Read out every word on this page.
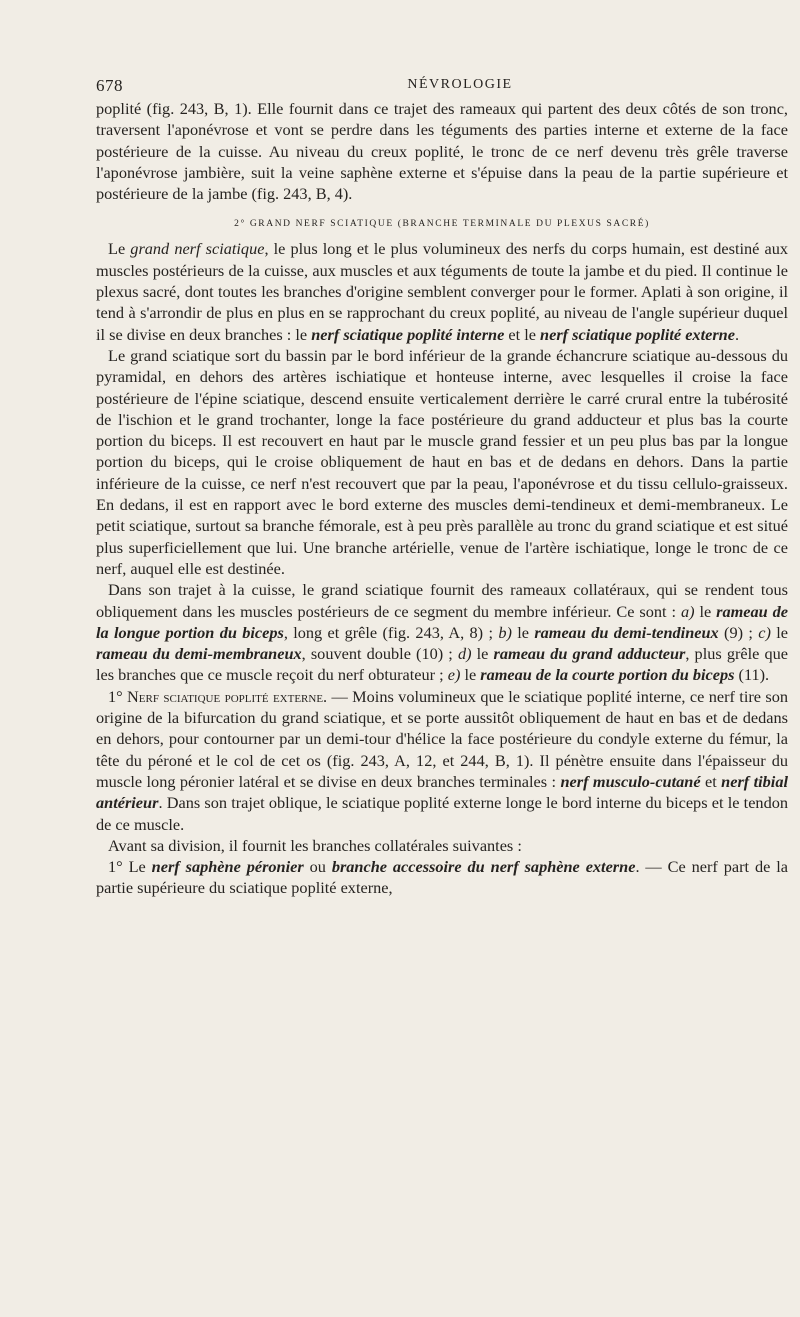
678	NÉVROLOGIE

poplité (fig. 243, B, 1). Elle fournit dans ce trajet des rameaux qui partent des deux côtés de son tronc, traversent l'aponévrose et vont se perdre dans les téguments des parties interne et externe de la face postérieure de la cuisse. Au niveau du creux poplité, le tronc de ce nerf devenu très grêle traverse l'aponévrose jambière, suit la veine saphène externe et s'épuise dans la peau de la partie supérieure et postérieure de la jambe (fig. 243, B, 4).

2° GRAND NERF SCIATIQUE (BRANCHE TERMINALE DU PLEXUS SACRÉ)

Le grand nerf sciatique, le plus long et le plus volumineux des nerfs du corps humain, est destiné aux muscles postérieurs de la cuisse, aux muscles et aux téguments de toute la jambe et du pied. Il continue le plexus sacré, dont toutes les branches d'origine semblent converger pour le former. Aplati à son origine, il tend à s'arrondir de plus en plus en se rapprochant du creux poplité, au niveau de l'angle supérieur duquel il se divise en deux branches : le nerf sciatique poplité interne et le nerf sciatique poplité externe.

Le grand sciatique sort du bassin par le bord inférieur de la grande échancrure sciatique au-dessous du pyramidal, en dehors des artères ischiatique et honteuse interne, avec lesquelles il croise la face postérieure de l'épine sciatique, descend ensuite verticalement derrière le carré crural entre la tubérosité de l'ischion et le grand trochanter, longe la face postérieure du grand adducteur et plus bas la courte portion du biceps. Il est recouvert en haut par le muscle grand fessier et un peu plus bas par la longue portion du biceps, qui le croise obliquement de haut en bas et de dedans en dehors. Dans la partie inférieure de la cuisse, ce nerf n'est recouvert que par la peau, l'aponévrose et du tissu cellulo-graisseux. En dedans, il est en rapport avec le bord externe des muscles demi-tendineux et demi-membraneux. Le petit sciatique, surtout sa branche fémorale, est à peu près parallèle au tronc du grand sciatique et est situé plus superficiellement que lui. Une branche artérielle, venue de l'artère ischiatique, longe le tronc de ce nerf, auquel elle est destinée.

Dans son trajet à la cuisse, le grand sciatique fournit des rameaux collatéraux, qui se rendent tous obliquement dans les muscles postérieurs de ce segment du membre inférieur. Ce sont : a) le rameau de la longue portion du biceps, long et grêle (fig. 243, A, 8) ; b) le rameau du demi-tendineux (9) ; c) le rameau du demi-membraneux, souvent double (10) ; d) le rameau du grand adducteur, plus grêle que les branches que ce muscle reçoit du nerf obturateur ; e) le rameau de la courte portion du biceps (11).

1° Nerf sciatique poplité externe. — Moins volumineux que le sciatique poplité interne, ce nerf tire son origine de la bifurcation du grand sciatique, et se porte aussitôt obliquement de haut en bas et de dedans en dehors, pour contourner par un demi-tour d'hélice la face postérieure du condyle externe du fémur, la tête du péroné et le col de cet os (fig. 243, A, 12, et 244, B, 1). Il pénètre ensuite dans l'épaisseur du muscle long péronier latéral et se divise en deux branches terminales : nerf musculo-cutané et nerf tibial antérieur. Dans son trajet oblique, le sciatique poplité externe longe le bord interne du biceps et le tendon de ce muscle.

Avant sa division, il fournit les branches collatérales suivantes :

1° Le nerf saphène péronier ou branche accessoire du nerf saphène externe. — Ce nerf part de la partie supérieure du sciatique poplité externe,
